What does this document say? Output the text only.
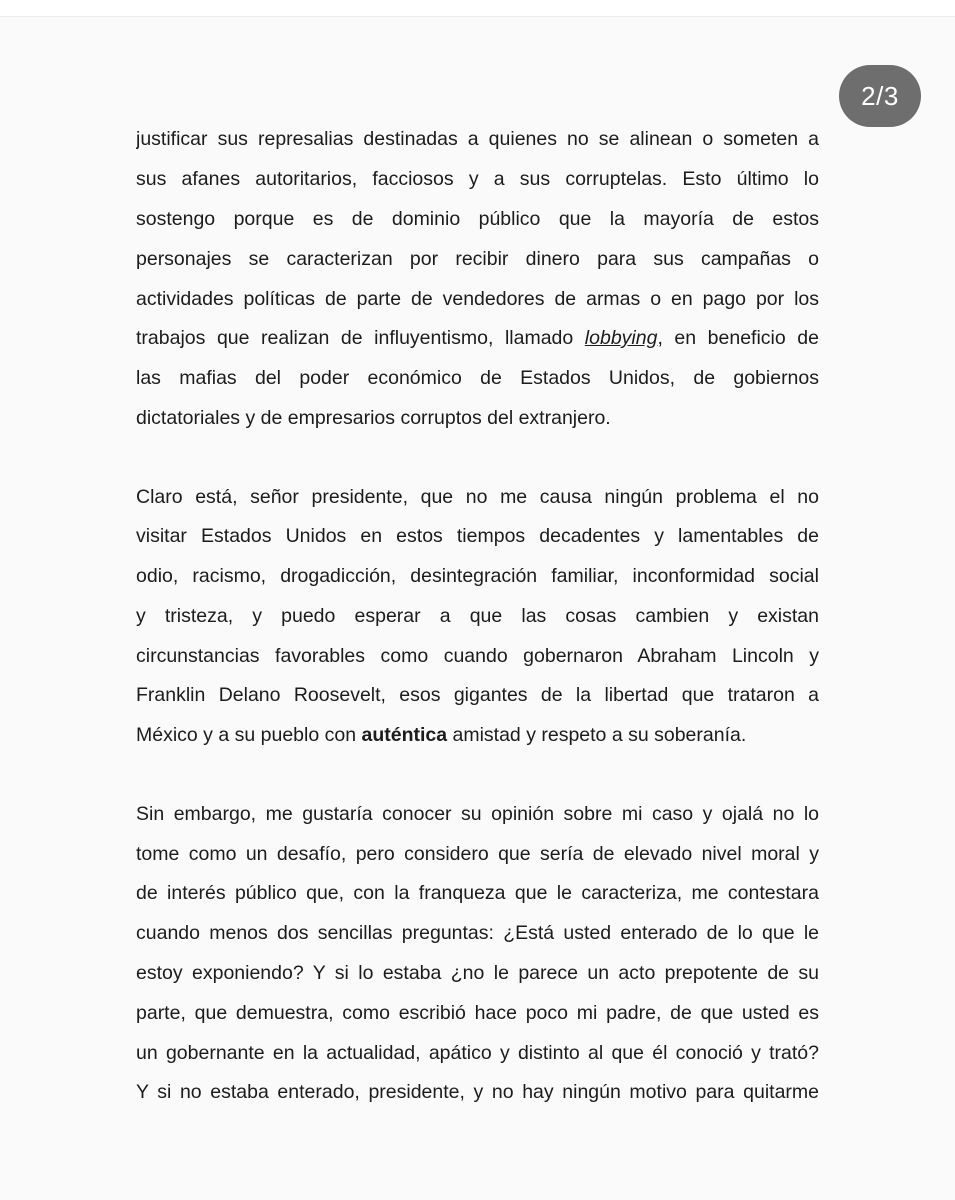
2/3
justificar sus represalias destinadas a quienes no se alinean o someten a
sus afanes autoritarios, facciosos y a sus corruptelas. Esto último lo
sostengo porque es de dominio público que la mayoría de estos
personajes se caracterizan por recibir dinero para sus campañas o
actividades políticas de parte de vendedores de armas o en pago por los
trabajos que realizan de influyentismo, llamado lobbying, en beneficio de
las mafias del poder económico de Estados Unidos, de gobiernos
dictatoriales y de empresarios corruptos del extranjero.
Claro está, señor presidente, que no me causa ningún problema el no
visitar Estados Unidos en estos tiempos decadentes y lamentables de
odio, racismo, drogadicción, desintegración familiar, inconformidad social
y tristeza, y puedo esperar a que las cosas cambien y existan
circunstancias favorables como cuando gobernaron Abraham Lincoln y
Franklin Delano Roosevelt, esos gigantes de la libertad que trataron a
México y a su pueblo con auténtica amistad y respeto a su soberanía.
Sin embargo, me gustaría conocer su opinión sobre mi caso y ojalá no lo
tome como un desafío, pero considero que sería de elevado nivel moral y
de interés público que, con la franqueza que le caracteriza, me contestara
cuando menos dos sencillas preguntas: ¿Está usted enterado de lo que le
estoy exponiendo? Y si lo estaba ¿no le parece un acto prepotente de su
parte, que demuestra, como escribió hace poco mi padre, de que usted es
un gobernante en la actualidad, apático y distinto al que él conoció y trató?
Y si no estaba enterado, presidente, y no hay ningún motivo para quitarme
